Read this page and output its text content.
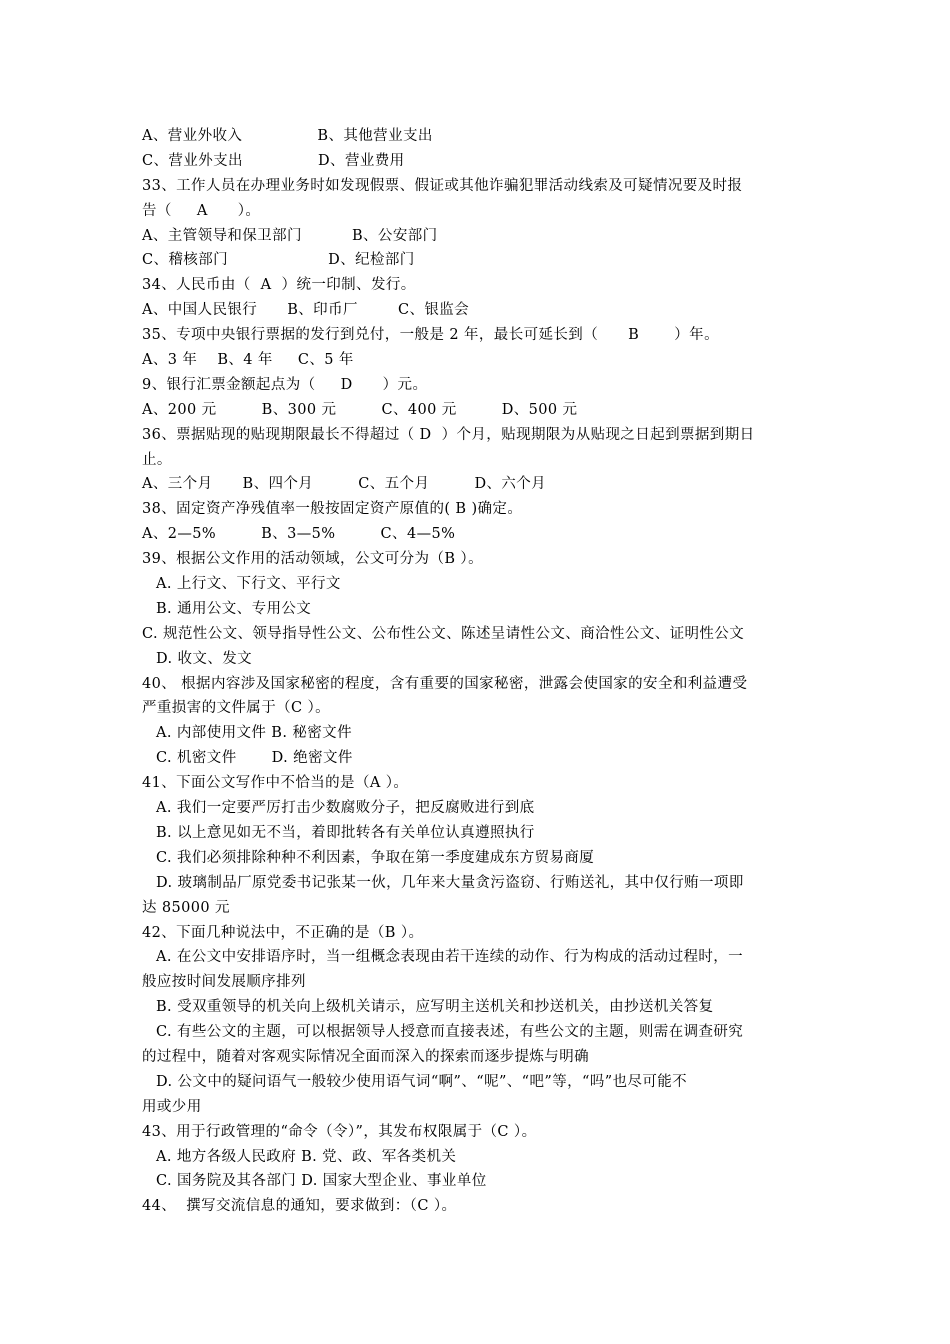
A、营业外收入               B、其他营业支出
C、营业外支出               D、营业费用
33、工作人员在办理业务时如发现假票、假证或其他诈骗犯罪活动线索及可疑情况要及时报
告（     A      ）。
A、主管领导和保卫部门          B、公安部门
C、稽核部门                    D、纪检部门
34、人民币由（  A  ）统一印制、发行。
A、中国人民银行      B、印币厂        C、银监会
35、专项中央银行票据的发行到兑付，一般是 2 年，最长可延长到（      B       ）年。
A、3 年    B、4 年     C、5 年
9、银行汇票金额起点为（     D      ）元。
A、200 元         B、300 元         C、400 元         D、500 元
36、票据贴现的贴现期限最长不得超过（ D  ）个月，贴现期限为从贴现之日起到票据到期日
止。
A、三个月      B、四个月         C、五个月         D、六个月
38、固定资产净残值率一般按固定资产原值的( B )确定。
A、2—5%         B、3—5%         C、4—5%
39、根据公文作用的活动领域，公文可分为（B ）。
A. 上行文、下行文、平行文
B. 通用公文、专用公文
C. 规范性公文、领导指导性公文、公布性公文、陈述呈请性公文、商洽性公文、证明性公文
D. 收文、发文
40、 根据内容涉及国家秘密的程度，含有重要的国家秘密，泄露会使国家的安全和利益遭受
严重损害的文件属于（C ）。
A. 内部使用文件 B. 秘密文件
C. 机密文件       D. 绝密文件
41、下面公文写作中不恰当的是（A ）。
A. 我们一定要严厉打击少数腐败分子，把反腐败进行到底
B. 以上意见如无不当，着即批转各有关单位认真遵照执行
C. 我们必须排除种种不利因素，争取在第一季度建成东方贸易商厦
D. 玻璃制品厂原党委书记张某一伙，几年来大量贪污盗窃、行贿送礼，其中仅行贿一项即
达 85000 元
42、下面几种说法中，不正确的是（B ）。
A. 在公文中安排语序时，当一组概念表现由若干连续的动作、行为构成的活动过程时，一
般应按时间发展顺序排列
B. 受双重领导的机关向上级机关请示，应写明主送机关和抄送机关，由抄送机关答复
C. 有些公文的主题，可以根据领导人授意而直接表述，有些公文的主题，则需在调查研究
的过程中，随着对客观实际情况全面而深入的探索而逐步提炼与明确
D. 公文中的疑问语气一般较少使用语气词“啊”、“呢”、“吧”等，“吗”也尽可能不
用或少用
43、用于行政管理的“命令（令）”，其发布权限属于（C ）。
A. 地方各级人民政府 B. 党、政、军各类机关
C. 国务院及其各部门 D. 国家大型企业、事业单位
44、  撰写交流信息的通知，要求做到：（C ）。
